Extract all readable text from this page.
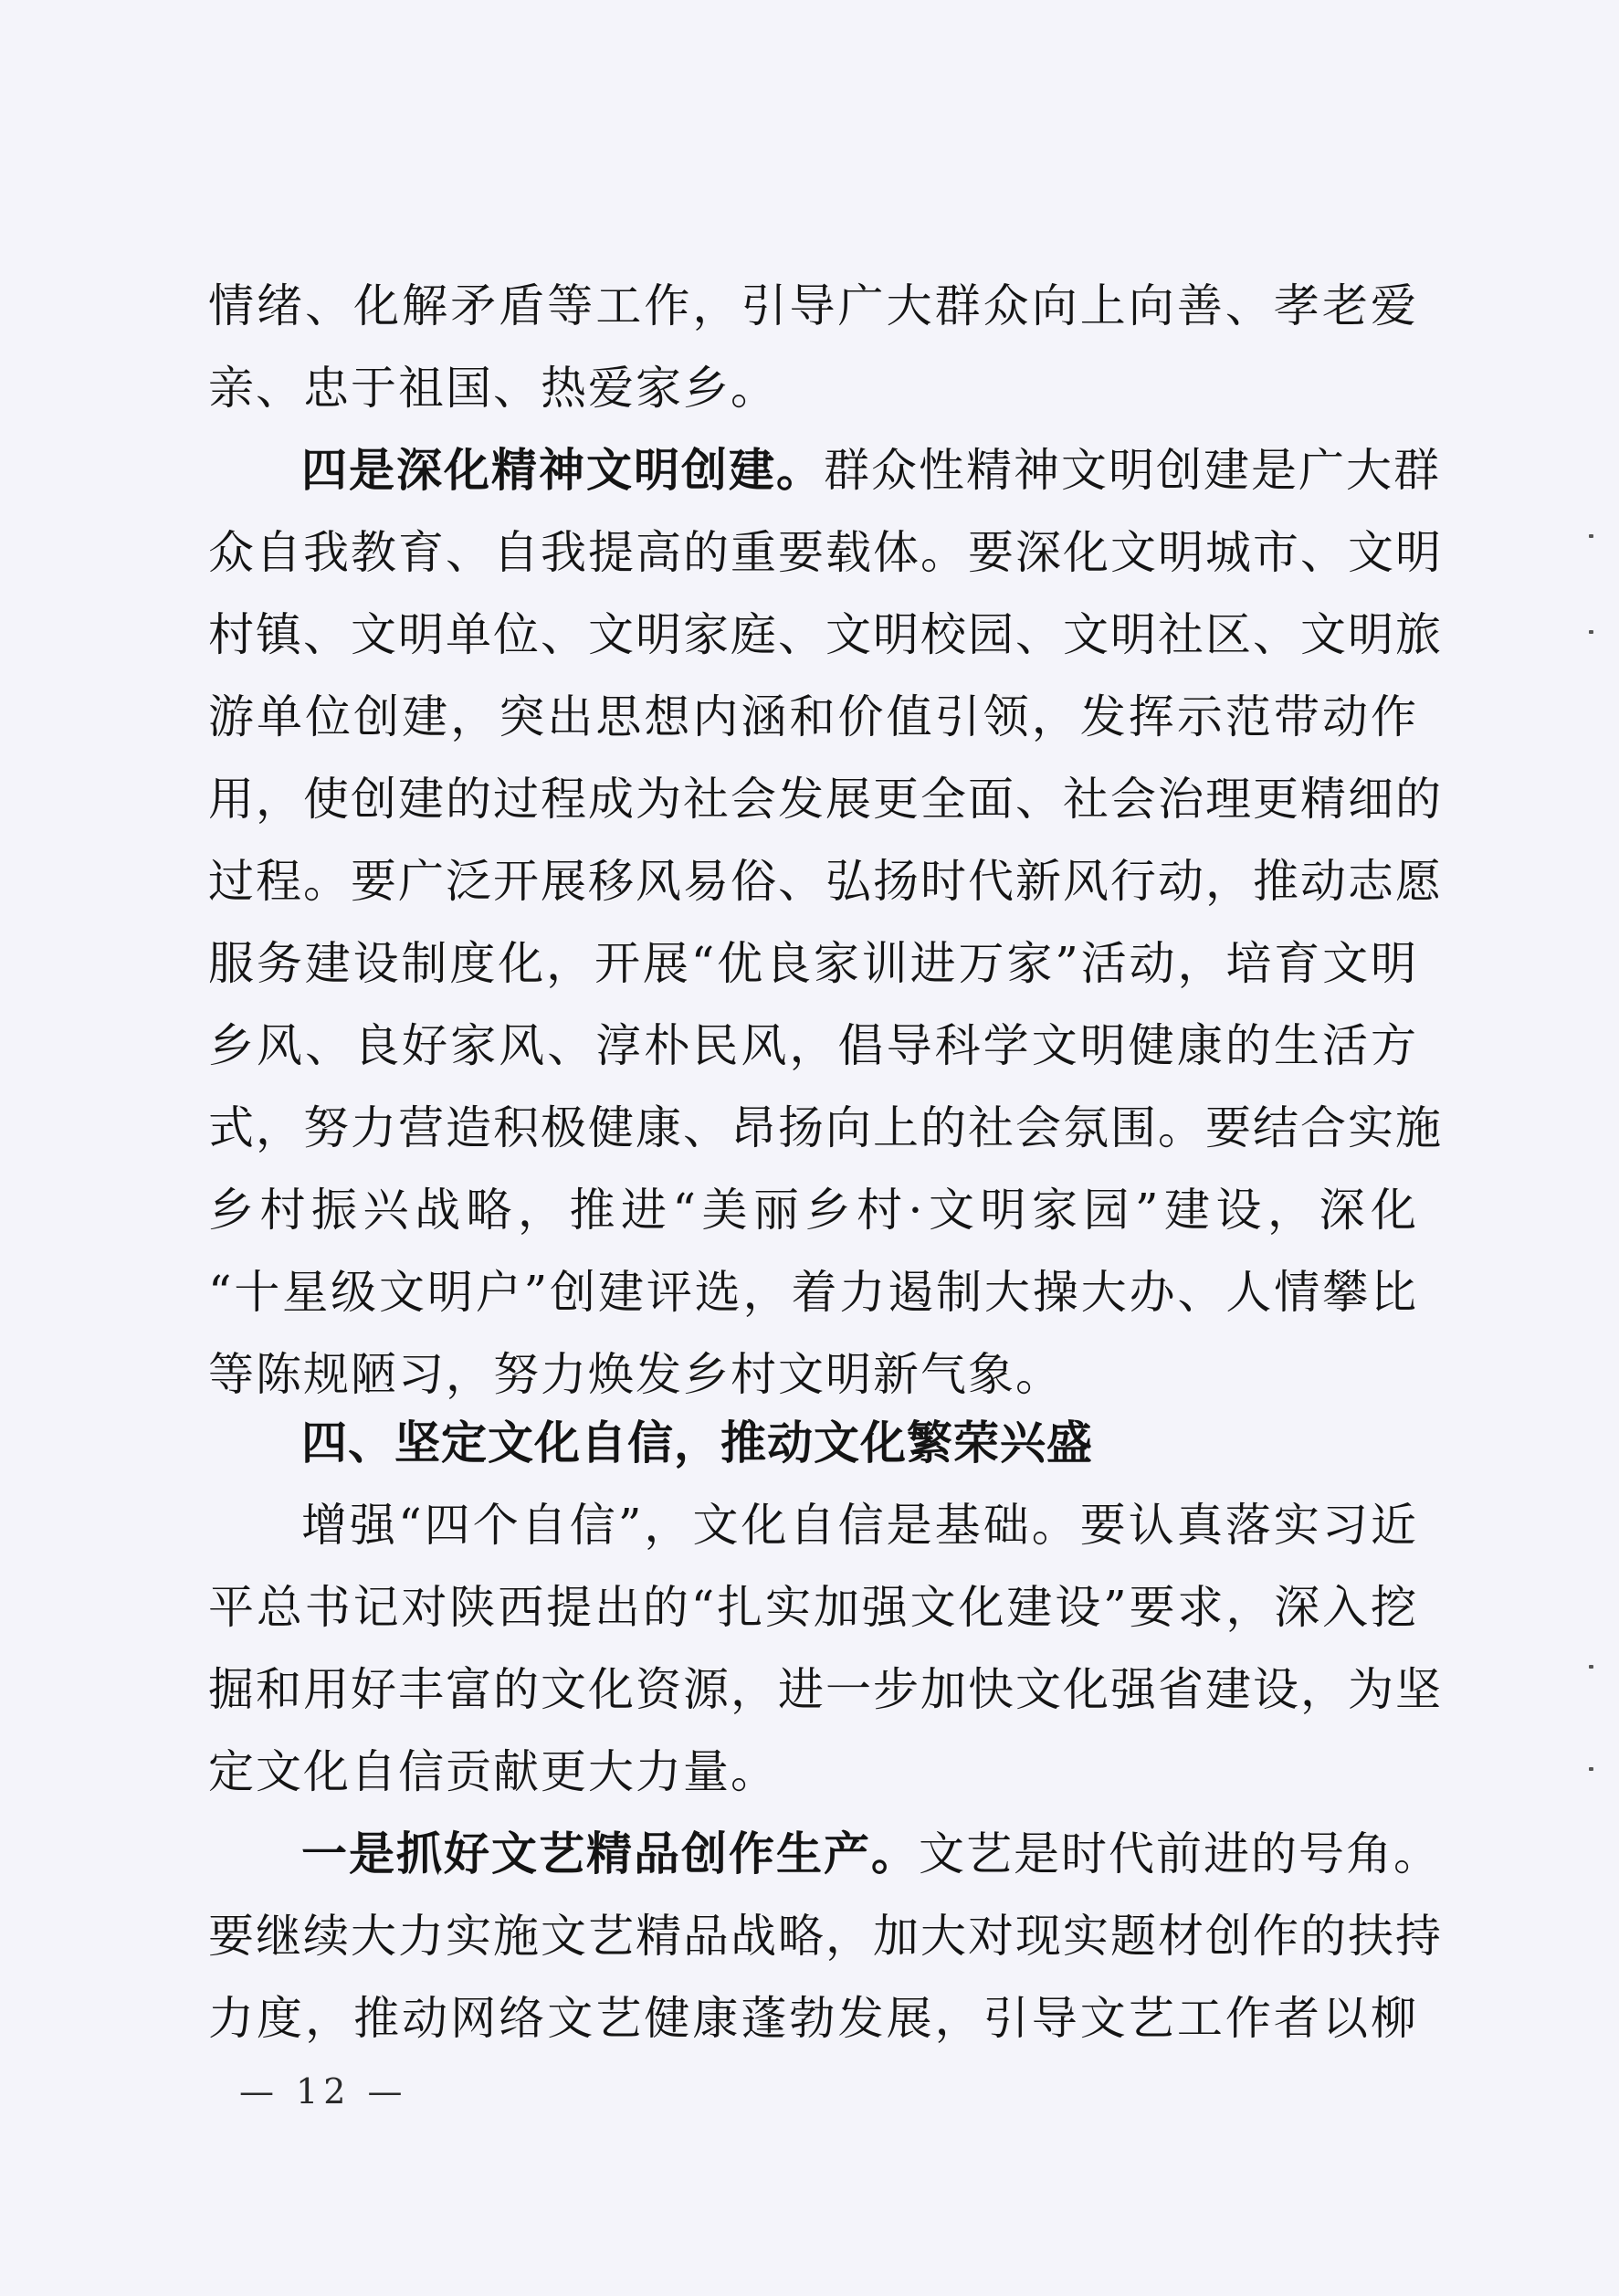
情绪、化解矛盾等工作，引导广大群众向上向善、孝老爱
亲、忠于祖国、热爱家乡。
四是深化精神文明创建。群众性精神文明创建是广大群
众自我教育、自我提高的重要载体。要深化文明城市、文明
村镇、文明单位、文明家庭、文明校园、文明社区、文明旅
游单位创建，突出思想内涵和价值引领，发挥示范带动作
用，使创建的过程成为社会发展更全面、社会治理更精细的
过程。要广泛开展移风易俗、弘扬时代新风行动，推动志愿
服务建设制度化，开展“优良家训进万家”活动，培育文明
乡风、良好家风、淳朴民风，倡导科学文明健康的生活方
式，努力营造积极健康、昂扬向上的社会氛围。要结合实施
乡村振兴战略，推进“美丽乡村·文明家园”建设，深化
“十星级文明户”创建评选，着力遏制大操大办、人情攀比
等陈规陋习，努力焕发乡村文明新气象。
四、坚定文化自信，推动文化繁荣兴盛
增强“四个自信”，文化自信是基础。要认真落实习近
平总书记对陕西提出的“扎实加强文化建设”要求，深入挖
掘和用好丰富的文化资源，进一步加快文化强省建设，为坚
定文化自信贡献更大力量。
一是抓好文艺精品创作生产。文艺是时代前进的号角。
要继续大力实施文艺精品战略，加大对现实题材创作的扶持
力度，推动网络文艺健康蓬勃发展，引导文艺工作者以柳
— 12 —
